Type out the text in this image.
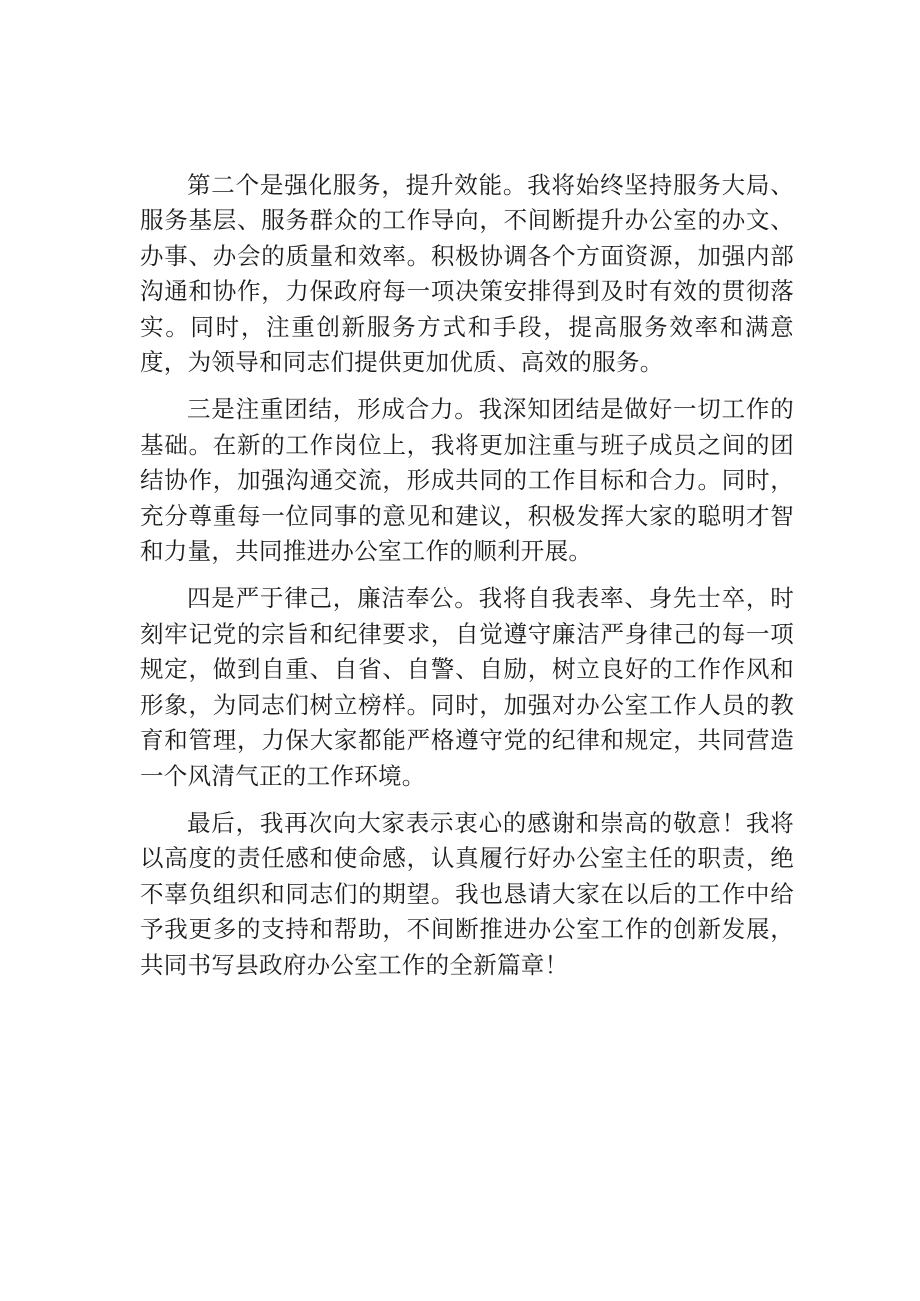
第二个是强化服务，提升效能。我将始终坚持服务大局、服务基层、服务群众的工作导向，不间断提升办公室的办文、办事、办会的质量和效率。积极协调各个方面资源，加强内部沟通和协作，力保政府每一项决策安排得到及时有效的贯彻落实。同时，注重创新服务方式和手段，提高服务效率和满意度，为领导和同志们提供更加优质、高效的服务。

三是注重团结，形成合力。我深知团结是做好一切工作的基础。在新的工作岗位上，我将更加注重与班子成员之间的团结协作，加强沟通交流，形成共同的工作目标和合力。同时，充分尊重每一位同事的意见和建议，积极发挥大家的聪明才智和力量，共同推进办公室工作的顺利开展。

四是严于律己，廉洁奉公。我将自我表率、身先士卒，时刻牢记党的宗旨和纪律要求，自觉遵守廉洁严身律己的每一项规定，做到自重、自省、自警、自励，树立良好的工作作风和形象，为同志们树立榜样。同时，加强对办公室工作人员的教育和管理，力保大家都能严格遵守党的纪律和规定，共同营造一个风清气正的工作环境。

最后，我再次向大家表示衷心的感谢和崇高的敬意！我将以高度的责任感和使命感，认真履行好办公室主任的职责，绝不辜负组织和同志们的期望。我也恳请大家在以后的工作中给予我更多的支持和帮助，不间断推进办公室工作的创新发展，共同书写县政府办公室工作的全新篇章！
